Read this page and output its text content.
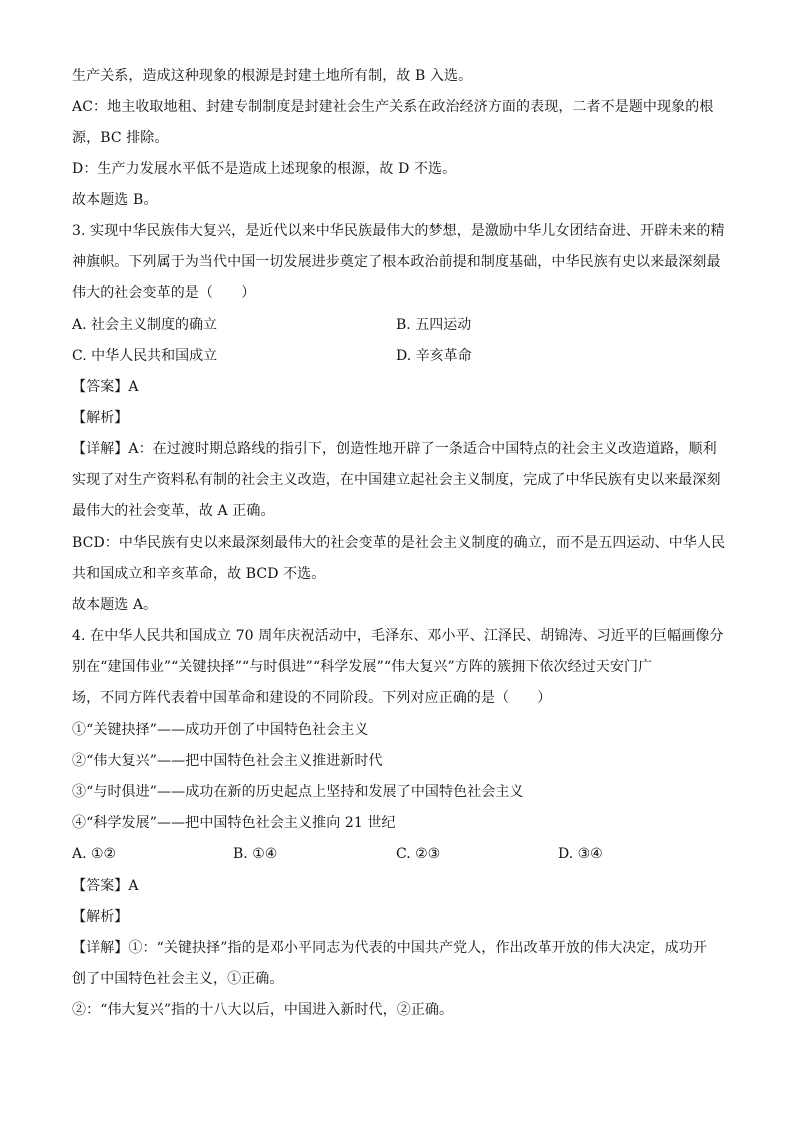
生产关系，造成这种现象的根源是封建土地所有制，故 B 入选。
AC：地主收取地租、封建专制制度是封建社会生产关系在政治经济方面的表现，二者不是题中现象的根
源，BC 排除。
D：生产力发展水平低不是造成上述现象的根源，故 D 不选。
故本题选 B。
3. 实现中华民族伟大复兴，是近代以来中华民族最伟大的梦想，是激励中华儿女团结奋进、开辟未来的精
神旗帜。下列属于为当代中国一切发展进步奠定了根本政治前提和制度基础，中华民族有史以来最深刻最
伟大的社会变革的是（　　）
A. 社会主义制度的确立	B. 五四运动
C. 中华人民共和国成立	D. 辛亥革命
【答案】A
【解析】
【详解】A：在过渡时期总路线的指引下，创造性地开辟了一条适合中国特点的社会主义改造道路，顺利
实现了对生产资料私有制的社会主义改造，在中国建立起社会主义制度，完成了中华民族有史以来最深刻
最伟大的社会变革，故 A 正确。
BCD：中华民族有史以来最深刻最伟大的社会变革的是社会主义制度的确立，而不是五四运动、中华人民
共和国成立和辛亥革命，故 BCD 不选。
故本题选 A。
4. 在中华人民共和国成立 70 周年庆祝活动中，毛泽东、邓小平、江泽民、胡锦涛、习近平的巨幅画像分
别在“建国伟业”“关键抉择”“与时俱进”“科学发展”“伟大复兴”方阵的簇拥下依次经过天安门广
场，不同方阵代表着中国革命和建设的不同阶段。下列对应正确的是（　　）
①“关键抉择”——成功开创了中国特色社会主义
②“伟大复兴”——把中国特色社会主义推进新时代
③“与时俱进”——成功在新的历史起点上坚持和发展了中国特色社会主义
④“科学发展”——把中国特色社会主义推向 21 世纪
A. ①②	B. ①④	C. ②③	D. ③④
【答案】A
【解析】
【详解】①：“关键抉择”指的是邓小平同志为代表的中国共产党人，作出改革开放的伟大决定，成功开
创了中国特色社会主义，①正确。
②：“伟大复兴”指的十八大以后，中国进入新时代，②正确。
